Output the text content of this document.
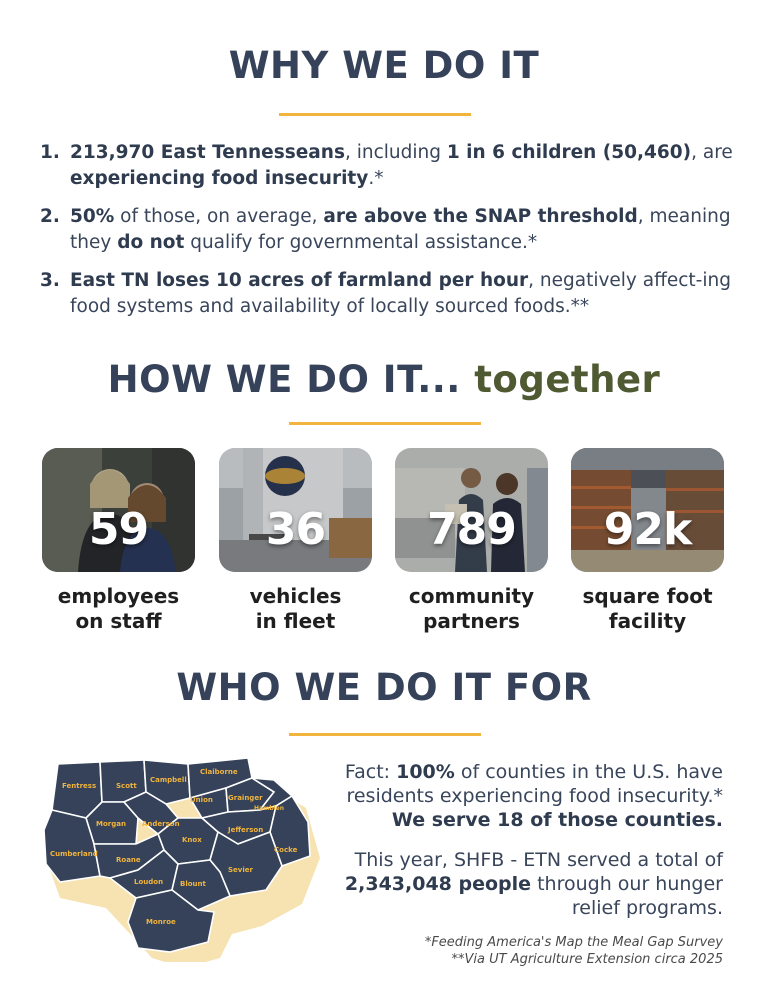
WHY WE DO IT
1. 213,970 East Tennesseans, including 1 in 6 children (50,460), are experiencing food insecurity.*
2. 50% of those, on average, are above the SNAP threshold, meaning they do not qualify for governmental assistance.*
3. East TN loses 10 acres of farmland per hour, negatively affect-ing food systems and availability of locally sourced foods.**
HOW WE DO IT... together
59
employees
on staff
36
vehicles
in fleet
789
community
partners
92k
square foot
facility
WHO WE DO IT FOR
Fentress	Scott
Campbell
Claiborne
Union Grainger
Hamblen
Morgan Anderson
Knox
Jefferson
Cumberland
Roane
Loudon Blount
Sevier
Cocke
Monroe
Fact: 100% of counties in the U.S. have residents experiencing food insecurity.*
We serve 18 of those counties.
This year, SHFB - ETN served a total of
2,343,048 people through our hunger relief programs.
*Feeding America's Map the Meal Gap Survey
**Via UT Agriculture Extension circa 2025
